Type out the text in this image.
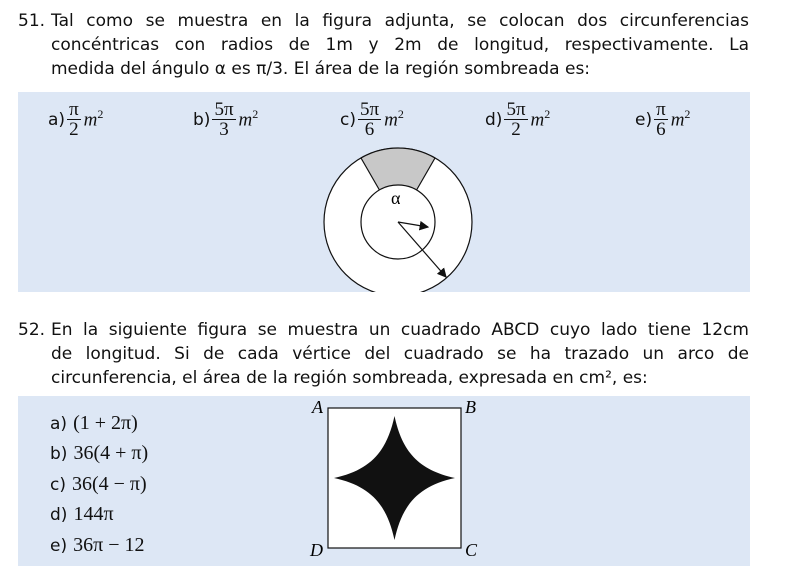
51. Tal como se muestra en la figura adjunta, se colocan dos circunferencias
concéntricas con radios de 1m y 2m de longitud, respectivamente. La
medida del ángulo α es π/3. El área de la región sombreada es:
$a) \frac{\pi}{2} m^2$	$b) \frac{5\pi}{3} m^2$	$c) \frac{5\pi}{6} m^2$	$d) \frac{5\pi}{2} m^2$	$e) \frac{\pi}{6} m^2$
α
52. En la siguiente figura se muestra un cuadrado ABCD cuyo lado tiene 12cm
de longitud. Si de cada vértice del cuadrado se ha trazado un arco de
circunferencia, el área de la región sombreada, expresada en cm², es:
a) (1 + 2π)
b) 36(4 + π)
c) 36(4 − π)
d) 144π
e) 36π − 12
A	B
C
D
